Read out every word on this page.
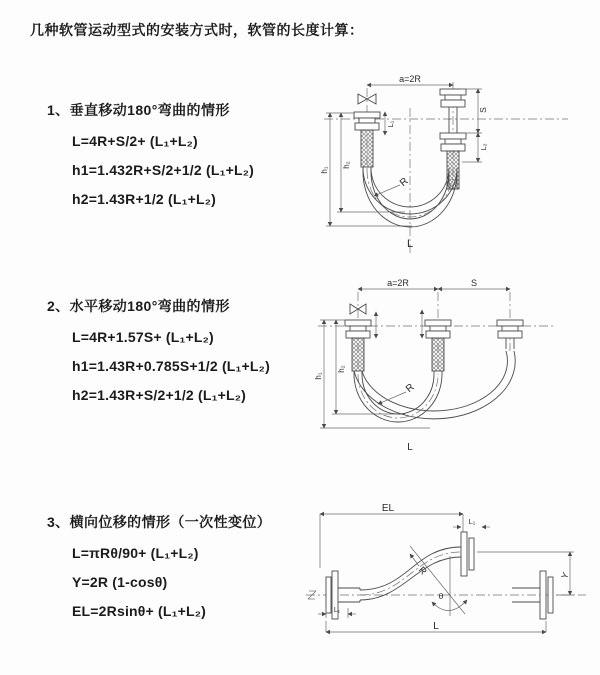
几种软管运动型式的安装方式时，软管的长度计算：
1、垂直移动180°弯曲的情形
L=4R+S/2+ (L₁+L₂)
h1=1.432R+S/2+1/2 (L₁+L₂)
h2=1.43R+1/2 (L₁+L₂)
2、水平移动180°弯曲的情形
L=4R+1.57S+ (L₁+L₂)
h1=1.43R+0.785S+1/2 (L₁+L₂)
h2=1.43R+S/2+1/2 (L₁+L₂)
3、横向位移的情形（一次性变位）
L=πRθ/90+ (L₁+L₂)
Y=2R (1-cosθ)
EL=2Rsinθ+ (L₁+L₂)
a=2R
L₁
S
L₂
h₁
h₂
R
L
a=2R	S
h₁
h₂
R
L
EL
L₁
Y
θ
R
L₁
L
